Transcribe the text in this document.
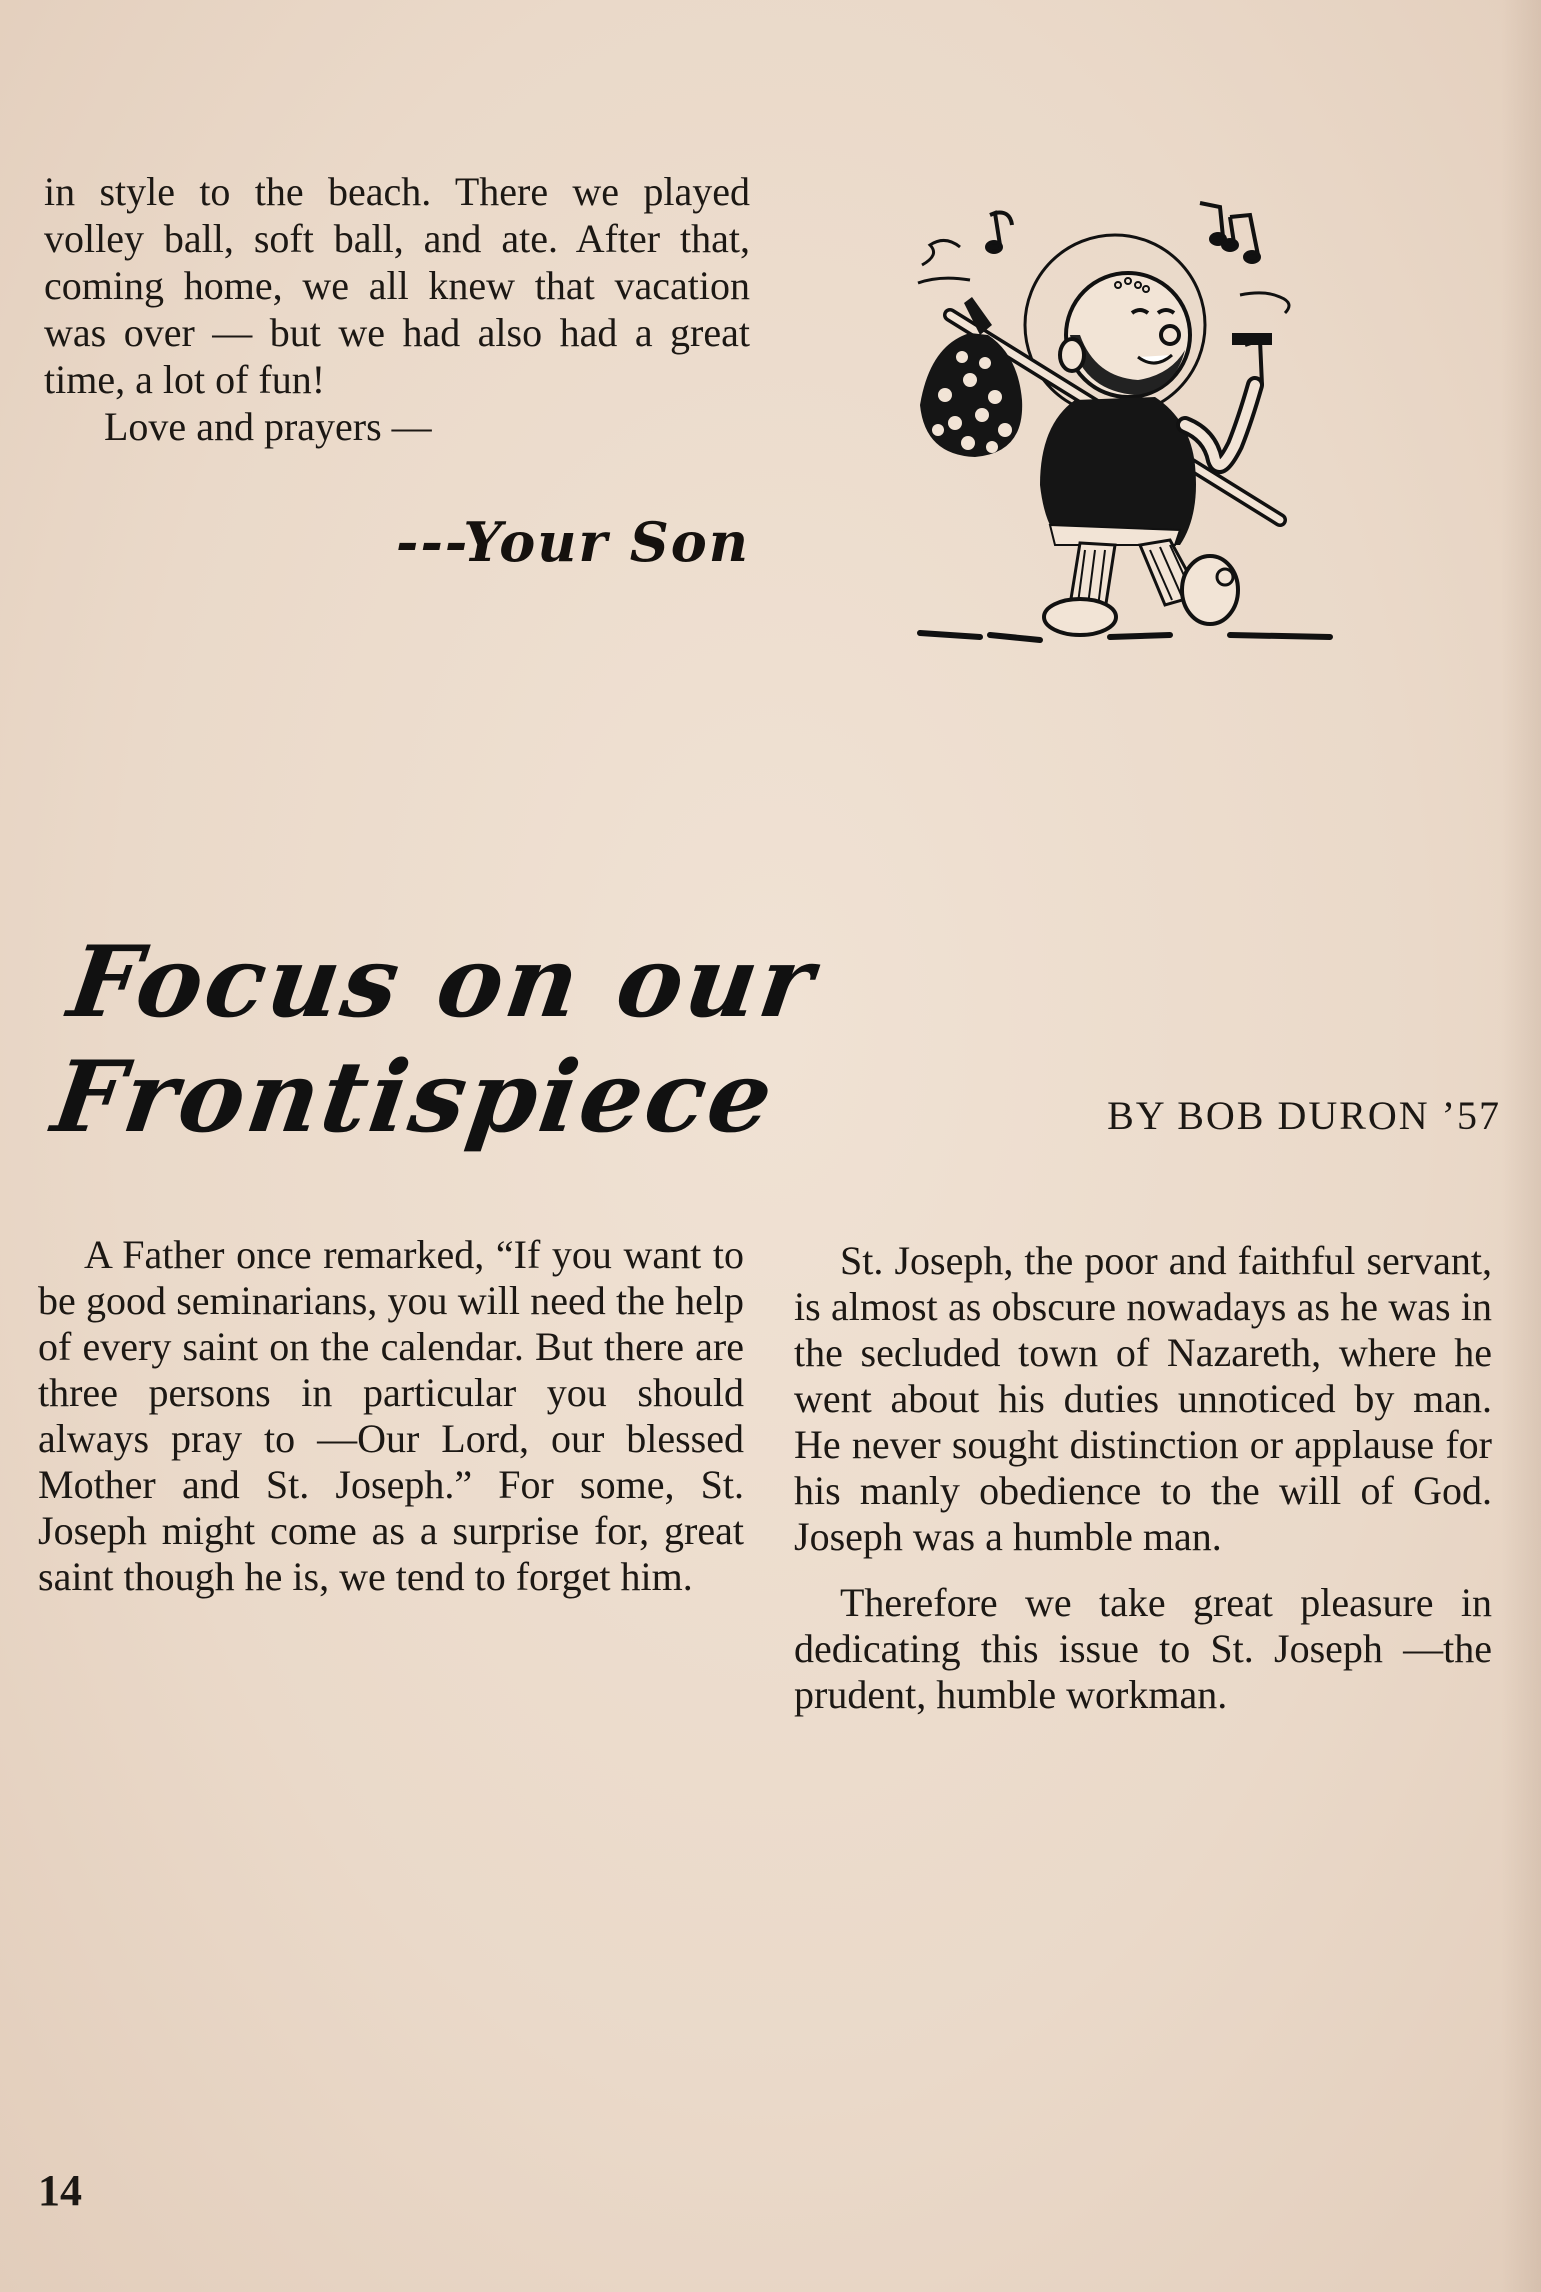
in style to the beach. There we played volley ball, soft ball, and ate. After that, coming home, we all knew that vacation was over — but we had also had a great time, a lot of fun!

Love and prayers —

---Your Son
Focus on our Frontispiece	BY BOB DURON ’57

A Father once remarked, “If you want to be good seminarians, you will need the help of every saint on the calendar. But there are three persons in particular you should always pray to —Our Lord, our blessed Mother and St. Joseph.” For some, St. Joseph might come as a surprise for, great saint though he is, we tend to forget him.

St. Joseph, the poor and faithful servant, is almost as obscure nowadays as he was in the secluded town of Nazareth, where he went about his duties unnoticed by man. He never sought distinction or applause for his manly obedience to the will of God. Joseph was a humble man.

Therefore we take great pleasure in dedicating this issue to St. Joseph —the prudent, humble workman.

14
